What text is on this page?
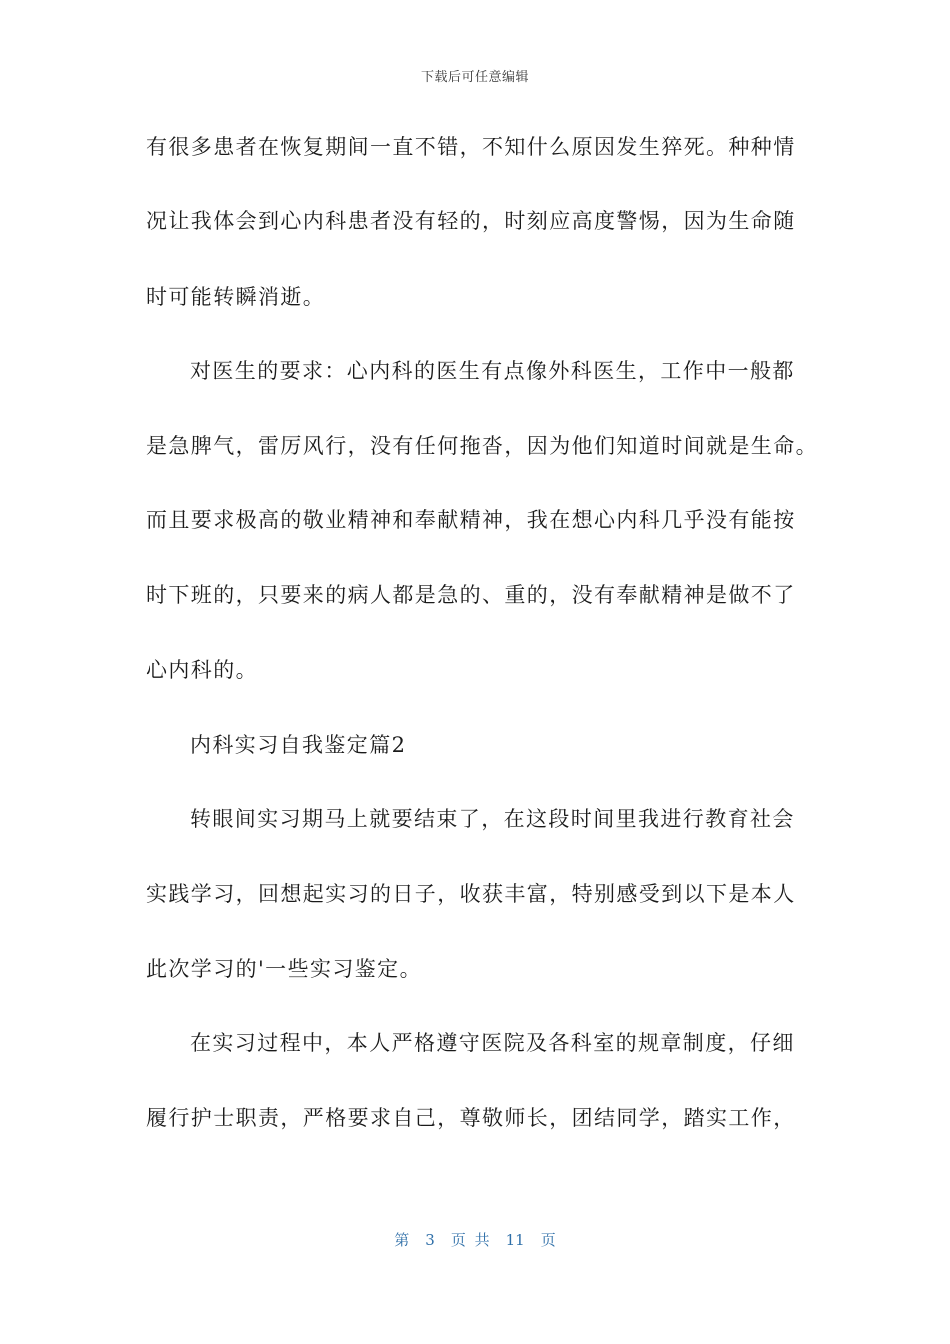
下载后可任意编辑
有很多患者在恢复期间一直不错，不知什么原因发生猝死。种种情
况让我体会到心内科患者没有轻的，时刻应高度警惕，因为生命随
时可能转瞬消逝。
对医生的要求：心内科的医生有点像外科医生，工作中一般都
是急脾气，雷厉风行，没有任何拖沓，因为他们知道时间就是生命。
而且要求极高的敬业精神和奉献精神，我在想心内科几乎没有能按
时下班的，只要来的病人都是急的、重的，没有奉献精神是做不了
心内科的。
内科实习自我鉴定篇2
转眼间实习期马上就要结束了，在这段时间里我进行教育社会
实践学习，回想起实习的日子，收获丰富，特别感受到以下是本人
此次学习的'一些实习鉴定。
在实习过程中，本人严格遵守医院及各科室的规章制度，仔细
履行护士职责，严格要求自己，尊敬师长，团结同学，踏实工作，
第 3 页 共 11 页
